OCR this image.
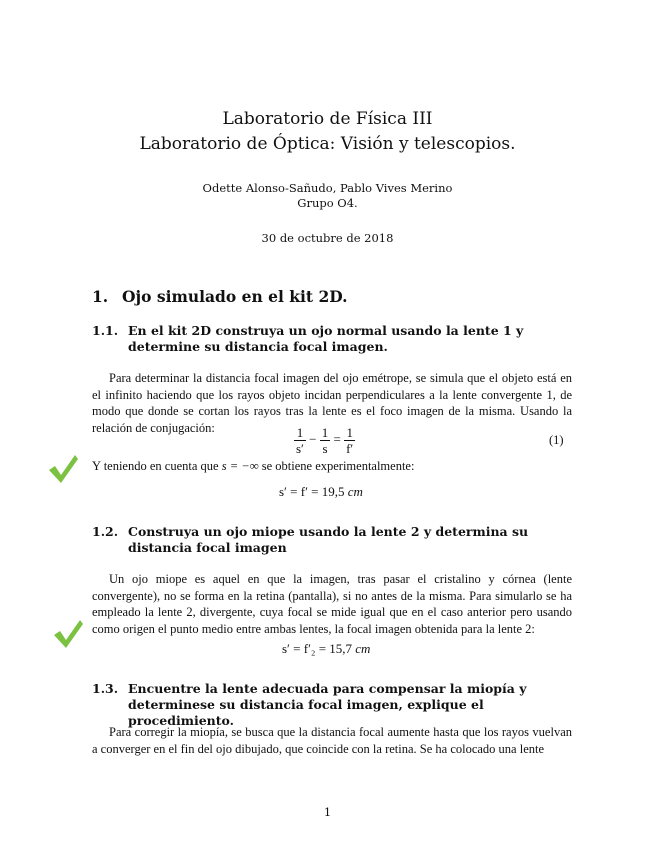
Laboratorio de Física III
Laboratorio de Óptica: Visión y telescopios.
Odette Alonso-Sañudo, Pablo Vives Merino
Grupo O4.
30 de octubre de 2018
1. Ojo simulado en el kit 2D.
1.1. En el kit 2D construya un ojo normal usando la lente 1 y determine su distancia focal imagen.

Para determinar la distancia focal imagen del ojo emétrope, se simula que el objeto está en el infinito haciendo que los rayos objeto incidan perpendiculares a la lente convergente 1, de modo que donde se cortan los rayos tras la lente es el foco imagen de la misma. Usando la relación de conjugación:	$\frac{1}{s'} - \frac{1}{s} = \frac{1}{f'}$	(1)
Y teniendo en cuenta que s = −∞ se obtiene experimentalmente:
s′ = f′ = 19,5 cm
1.2. Construya un ojo miope usando la lente 2 y determina su distancia focal imagen

Un ojo miope es aquel en que la imagen, tras pasar el cristalino y córnea (lente convergente), no se forma en la retina (pantalla), si no antes de la misma. Para simularlo se ha empleado la lente 2, divergente, cuya focal se mide igual que en el caso anterior pero usando como origen el punto medio entre ambas lentes, la focal imagen obtenida para la lente 2:

s′ = f′₂ = 15,7 cm
1.3. Encuentre la lente adecuada para compensar la miopía y determinese su distancia focal imagen, explique el procedimiento.

Para corregir la miopía, se busca que la distancia focal aumente hasta que los rayos vuelvan a converger en el fin del ojo dibujado, que coincide con la retina. Se ha colocado una lente

1
